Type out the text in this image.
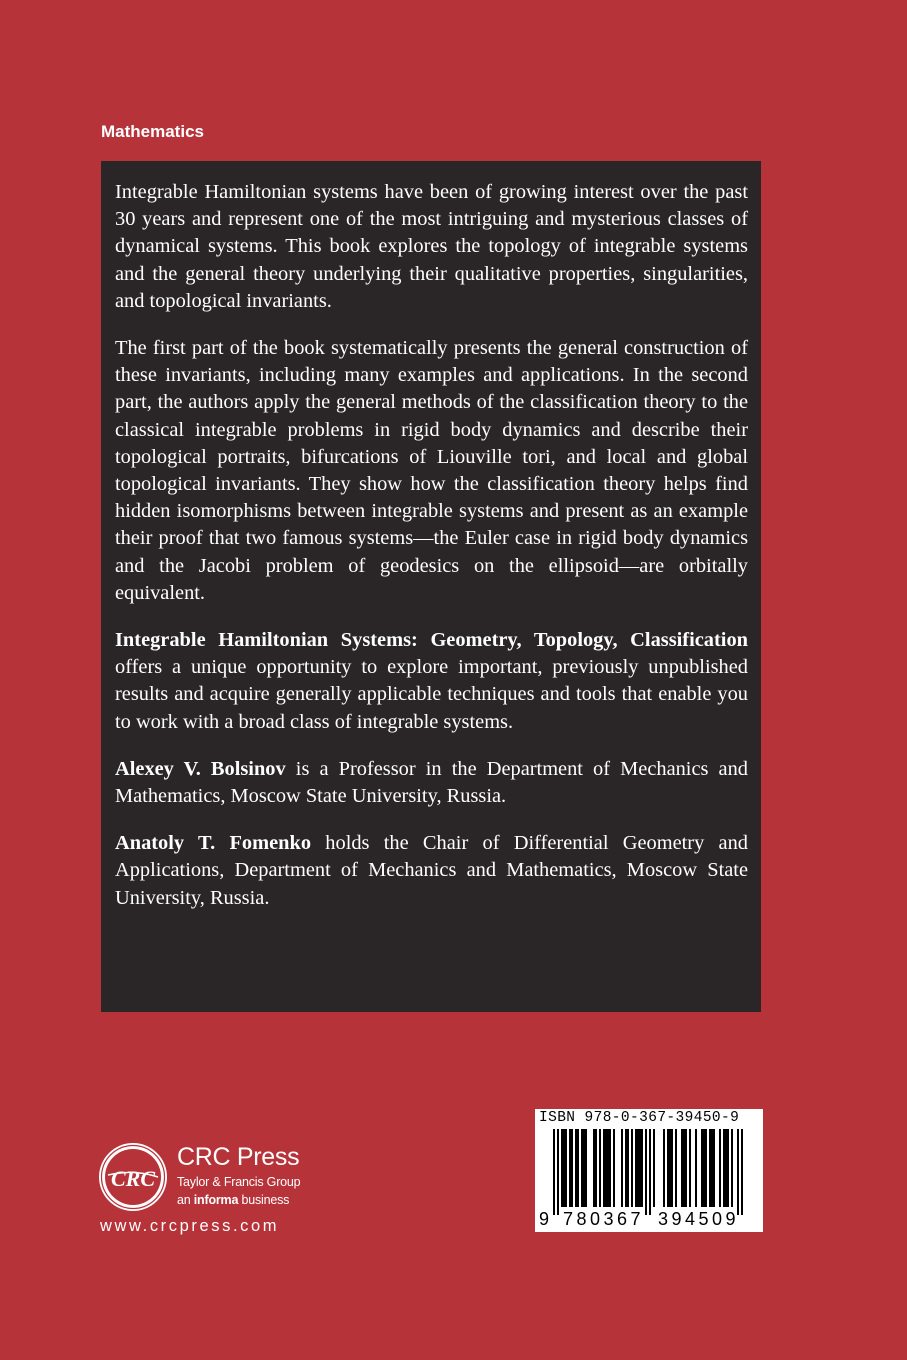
Mathematics

Integrable Hamiltonian systems have been of growing interest over the past 30 years and represent one of the most intriguing and mysterious classes of dynamical systems. This book explores the topology of integrable systems and the general theory underlying their qualitative properties, singularities, and topological invariants.

The first part of the book systematically presents the general construction of these invariants, including many examples and applications. In the second part, the authors apply the general methods of the classification theory to the classical integrable problems in rigid body dynamics and describe their topological portraits, bifurcations of Liouville tori, and local and global topological invariants. They show how the classification theory helps find hidden isomorphisms between integrable systems and present as an example their proof that two famous systems—the Euler case in rigid body dynamics and the Jacobi problem of geodesics on the ellipsoid—are orbitally equivalent.

Integrable Hamiltonian Systems: Geometry, Topology, Classification offers a unique opportunity to explore important, previously unpublished results and acquire generally applicable techniques and tools that enable you to work with a broad class of integrable systems.

Alexey V. Bolsinov is a Professor in the Department of Mechanics and Mathematics, Moscow State University, Russia.

Anatoly T. Fomenko holds the Chair of Differential Geometry and Applications, Department of Mechanics and Mathematics, Moscow State University, Russia.

CRC
CRC Press
Taylor & Francis Group
an informa business
www.crcpress.com
ISBN 978-0-367-39450-9
9 780367 394509
